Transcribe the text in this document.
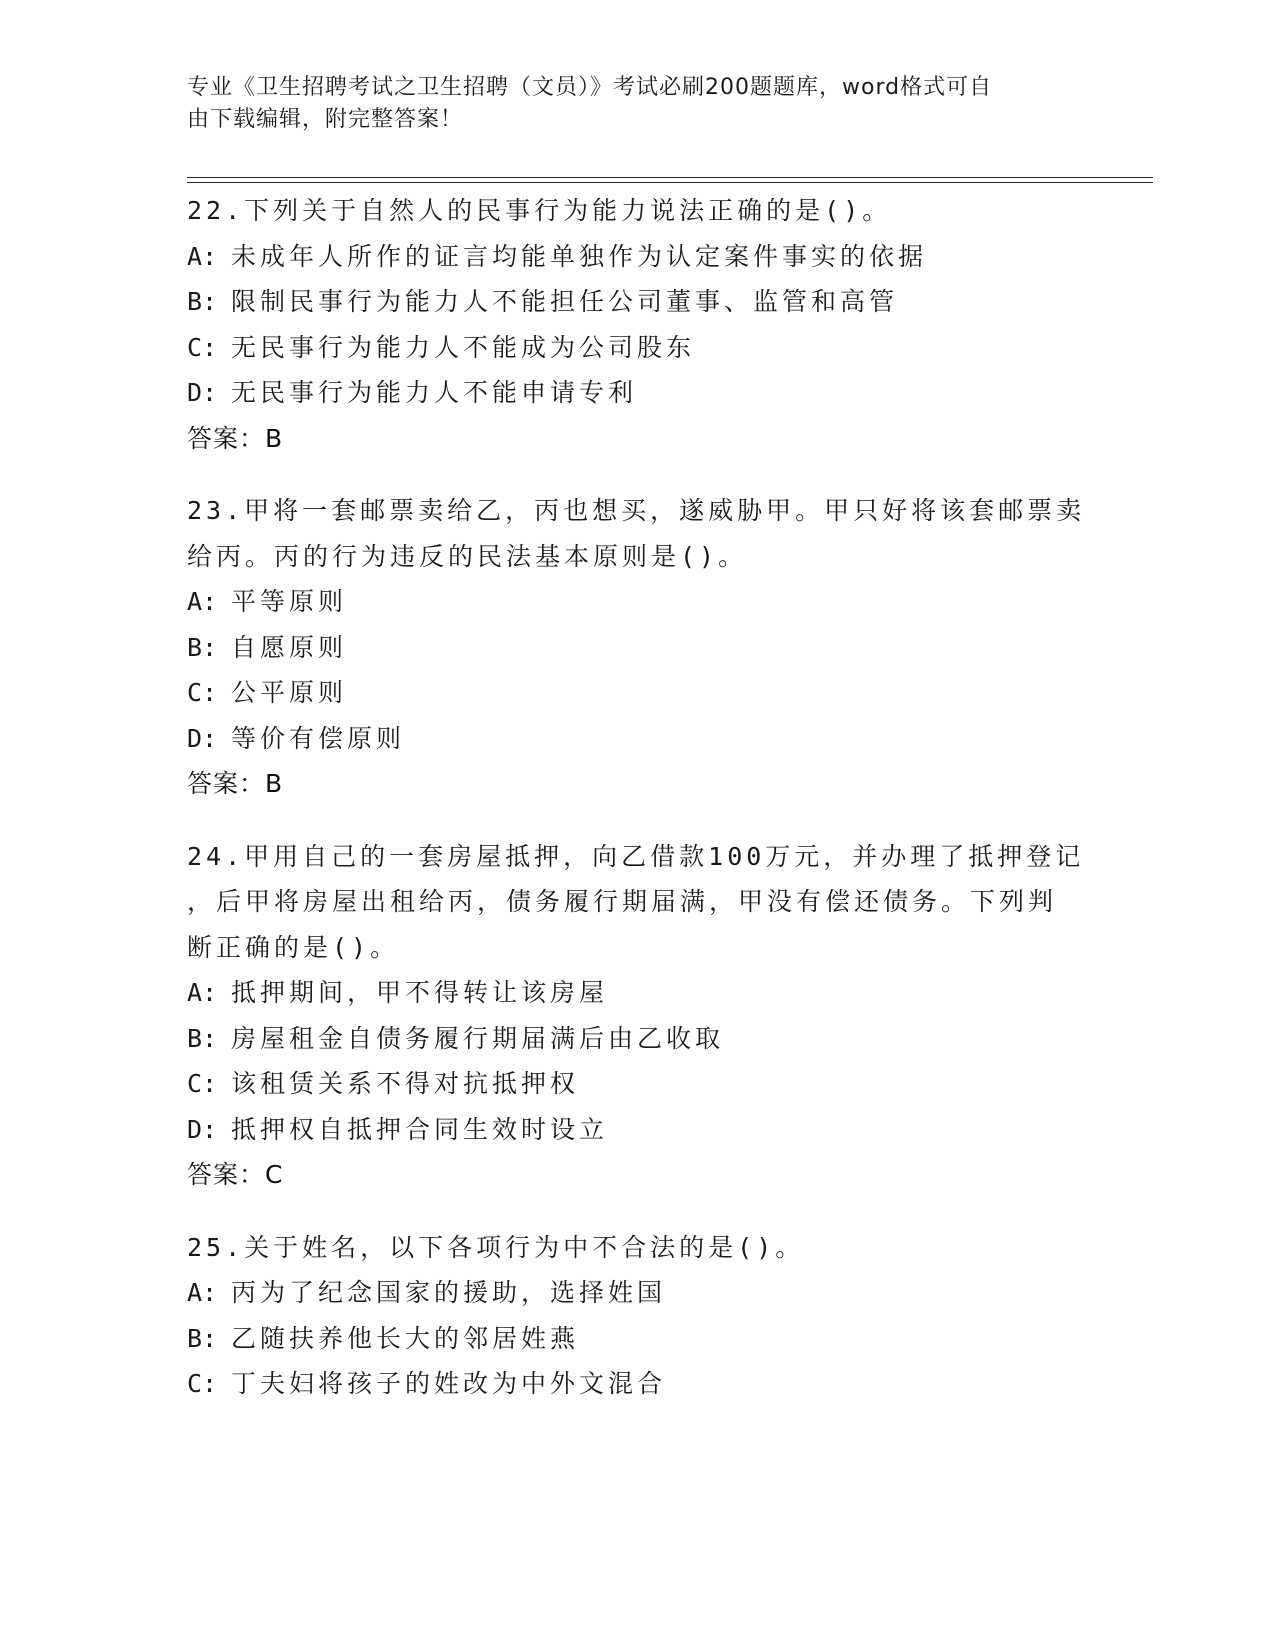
专业《卫生招聘考试之卫生招聘（文员）》考试必刷200题题库，word格式可自
由下载编辑，附完整答案！
22.下列关于自然人的民事行为能力说法正确的是()。
A: 未成年人所作的证言均能单独作为认定案件事实的依据
B: 限制民事行为能力人不能担任公司董事、监管和高管
C: 无民事行为能力人不能成为公司股东
D: 无民事行为能力人不能申请专利
答案：B
23.甲将一套邮票卖给乙，丙也想买，遂威胁甲。甲只好将该套邮票卖
给丙。丙的行为违反的民法基本原则是()。
A: 平等原则
B: 自愿原则
C: 公平原则
D: 等价有偿原则
答案：B
24.甲用自己的一套房屋抵押，向乙借款100万元，并办理了抵押登记
，后甲将房屋出租给丙，债务履行期届满，甲没有偿还债务。下列判
断正确的是()。
A: 抵押期间，甲不得转让该房屋
B: 房屋租金自债务履行期届满后由乙收取
C: 该租赁关系不得对抗抵押权
D: 抵押权自抵押合同生效时设立
答案：C
25.关于姓名，以下各项行为中不合法的是()。
A: 丙为了纪念国家的援助，选择姓国
B: 乙随扶养他长大的邻居姓燕
C: 丁夫妇将孩子的姓改为中外文混合
